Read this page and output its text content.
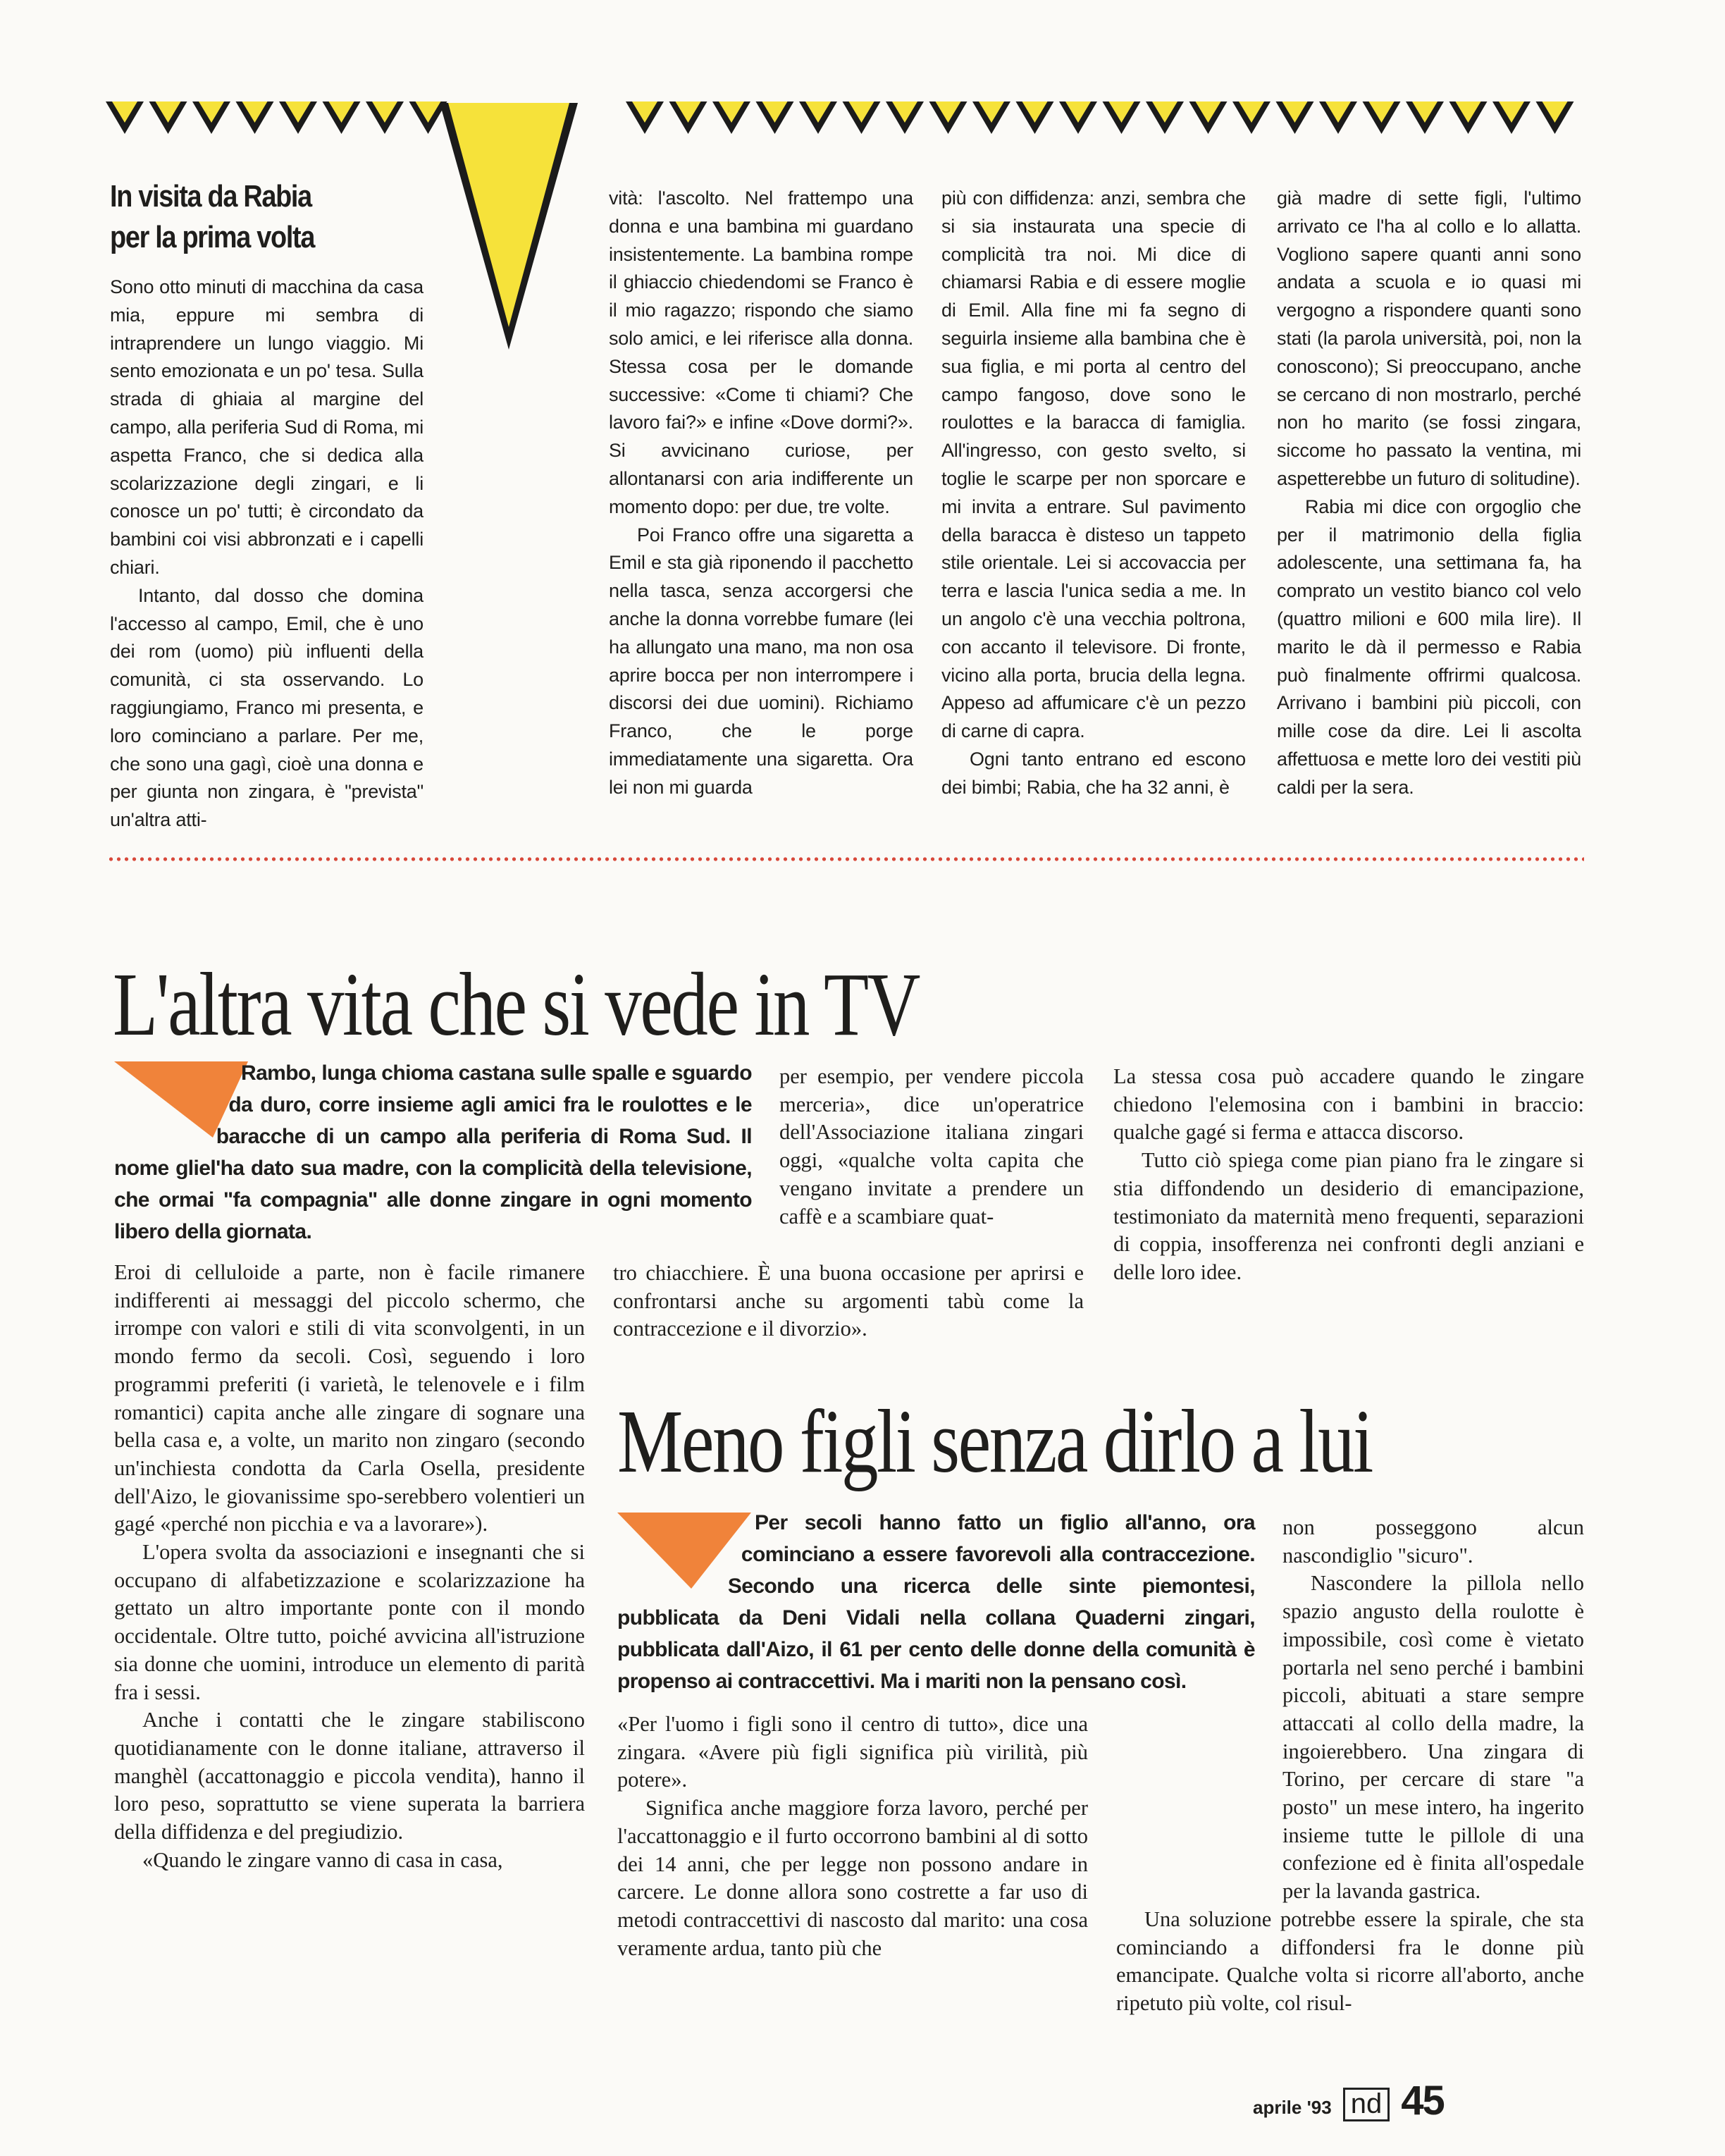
In visita da Rabia
per la prima volta

Sono otto minuti di macchina da casa mia, eppure mi sembra di intraprendere un lungo viaggio. Mi sento emozionata e un po' tesa. Sulla strada di ghiaia al margine del campo, alla periferia Sud di Roma, mi aspetta Franco, che si dedica alla scolarizzazione degli zingari, e li conosce un po' tutti; è circondato da bambini coi visi abbronzati e i capelli chiari.

Intanto, dal dosso che domina l'accesso al campo, Emil, che è uno dei rom (uomo) più influenti della comunità, ci sta osservando. Lo raggiungiamo, Franco mi presenta, e loro cominciano a parlare. Per me, che sono una gagì, cioè una donna e per giunta non zingara, è "prevista" un'altra atti-

vità: l'ascolto. Nel frattempo una donna e una bambina mi guardano insistentemente. La bambina rompe il ghiaccio chiedendomi se Franco è il mio ragazzo; rispondo che siamo solo amici, e lei riferisce alla donna. Stessa cosa per le domande successive: «Come ti chiami? Che lavoro fai?» e infine «Dove dormi?». Si avvicinano curiose, per allontanarsi con aria indifferente un momento dopo: per due, tre volte.

Poi Franco offre una sigaretta a Emil e sta già riponendo il pacchetto nella tasca, senza accorgersi che anche la donna vorrebbe fumare (lei ha allungato una mano, ma non osa aprire bocca per non interrompere i discorsi dei due uomini). Richiamo Franco, che le porge immediatamente una sigaretta. Ora lei non mi guarda

più con diffidenza: anzi, sembra che si sia instaurata una specie di complicità tra noi. Mi dice di chiamarsi Rabia e di essere moglie di Emil. Alla fine mi fa segno di seguirla insieme alla bambina che è sua figlia, e mi porta al centro del campo fangoso, dove sono le roulottes e la baracca di famiglia. All'ingresso, con gesto svelto, si toglie le scarpe per non sporcare e mi invita a entrare. Sul pavimento della baracca è disteso un tappeto stile orientale. Lei si accovaccia per terra e lascia l'unica sedia a me. In un angolo c'è una vecchia poltrona, con accanto il televisore. Di fronte, vicino alla porta, brucia della legna. Appeso ad affumicare c'è un pezzo di carne di capra.

Ogni tanto entrano ed escono dei bimbi; Rabia, che ha 32 anni, è

già madre di sette figli, l'ultimo arrivato ce l'ha al collo e lo allatta. Vogliono sapere quanti anni sono andata a scuola e io quasi mi vergogno a rispondere quanti sono stati (la parola università, poi, non la conoscono); Si preoccupano, anche se cercano di non mostrarlo, perché non ho marito (se fossi zingara, siccome ho passato la ventina, mi aspetterebbe un futuro di solitudine).

Rabia mi dice con orgoglio che per il matrimonio della figlia adolescente, una settimana fa, ha comprato un vestito bianco col velo (quattro milioni e 600 mila lire). Il marito le dà il permesso e Rabia può finalmente offrirmi qualcosa. Arrivano i bambini più piccoli, con mille cose da dire. Lei li ascolta affettuosa e mette loro dei vestiti più caldi per la sera.

L'altra vita che si vede in TV
Rambo, lunga chioma castana sulle spalle e sguardo da duro, corre insieme agli amici fra le roulottes e le baracche di un campo alla periferia di Roma Sud. Il nome gliel'ha dato sua madre, con la complicità della televisione, che ormai "fa compagnia" alle donne zingare in ogni momento libero della giornata.

Eroi di celluloide a parte, non è facile rimanere indifferenti ai messaggi del piccolo schermo, che irrompe con valori e stili di vita sconvolgenti, in un mondo fermo da secoli. Così, seguendo i loro programmi preferiti (i varietà, le telenovele e i film romantici) capita anche alle zingare di sognare una bella casa e, a volte, un marito non zingaro (secondo un'inchiesta condotta da Carla Osella, presidente dell'Aizo, le giovanissime spo-serebbero volentieri un gagé «perché non picchia e va a lavorare»).

L'opera svolta da associazioni e insegnanti che si occupano di alfabetizzazione e scolarizzazione ha gettato un altro importante ponte con il mondo occidentale. Oltre tutto, poiché avvicina all'istruzione sia donne che uomini, introduce un elemento di parità fra i sessi.

Anche i contatti che le zingare stabiliscono quotidianamente con le donne italiane, attraverso il manghèl (accattonaggio e piccola vendita), hanno il loro peso, soprattutto se viene superata la barriera della diffidenza e del pregiudizio.

«Quando le zingare vanno di casa in casa,

per esempio, per vendere piccola merceria», dice un'operatrice dell'Associazione italiana zingari oggi, «qualche volta capita che vengano invitate a prendere un caffè e a scambiare quat-

tro chiacchiere. È una buona occasione per aprirsi e confrontarsi anche su argomenti tabù come la contraccezione e il divorzio».

La stessa cosa può accadere quando le zingare chiedono l'elemosina con i bambini in braccio: qualche gagé si ferma e attacca discorso.

Tutto ciò spiega come pian piano fra le zingare si stia diffondendo un desiderio di emancipazione, testimoniato da maternità meno frequenti, separazioni di coppia, insofferenza nei confronti degli anziani e delle loro idee.

Meno figli senza dirlo a lui
Per secoli hanno fatto un figlio all'anno, ora cominciano a essere favorevoli alla contraccezione. Secondo una ricerca delle sinte piemontesi, pubblicata da Deni Vidali nella collana Quaderni zingari, pubblicata dall'Aizo, il 61 per cento delle donne della comunità è propenso ai contraccettivi. Ma i mariti non la pensano così.

«Per l'uomo i figli sono il centro di tutto», dice una zingara. «Avere più figli significa più virilità, più potere».

Significa anche maggiore forza lavoro, perché per l'accattonaggio e il furto occorrono bambini al di sotto dei 14 anni, che per legge non possono andare in carcere. Le donne allora sono costrette a far uso di metodi contraccettivi di nascosto dal marito: una cosa veramente ardua, tanto più che

non posseggono alcun nascondiglio "sicuro".

Nascondere la pillola nello spazio angusto della roulotte è impossibile, così come è vietato portarla nel seno perché i bambini piccoli, abituati a stare sempre attaccati al collo della madre, la ingoierebbero. Una zingara di Torino, per cercare di stare "a posto" un mese intero, ha ingerito insieme tutte le pillole di una confezione ed è finita all'ospedale per la lavanda gastrica.

Una soluzione potrebbe essere la spirale, che sta cominciando a diffondersi fra le donne più emancipate. Qualche volta si ricorre all'aborto, anche ripetuto più volte, col risul-

aprile '93 nd 45
